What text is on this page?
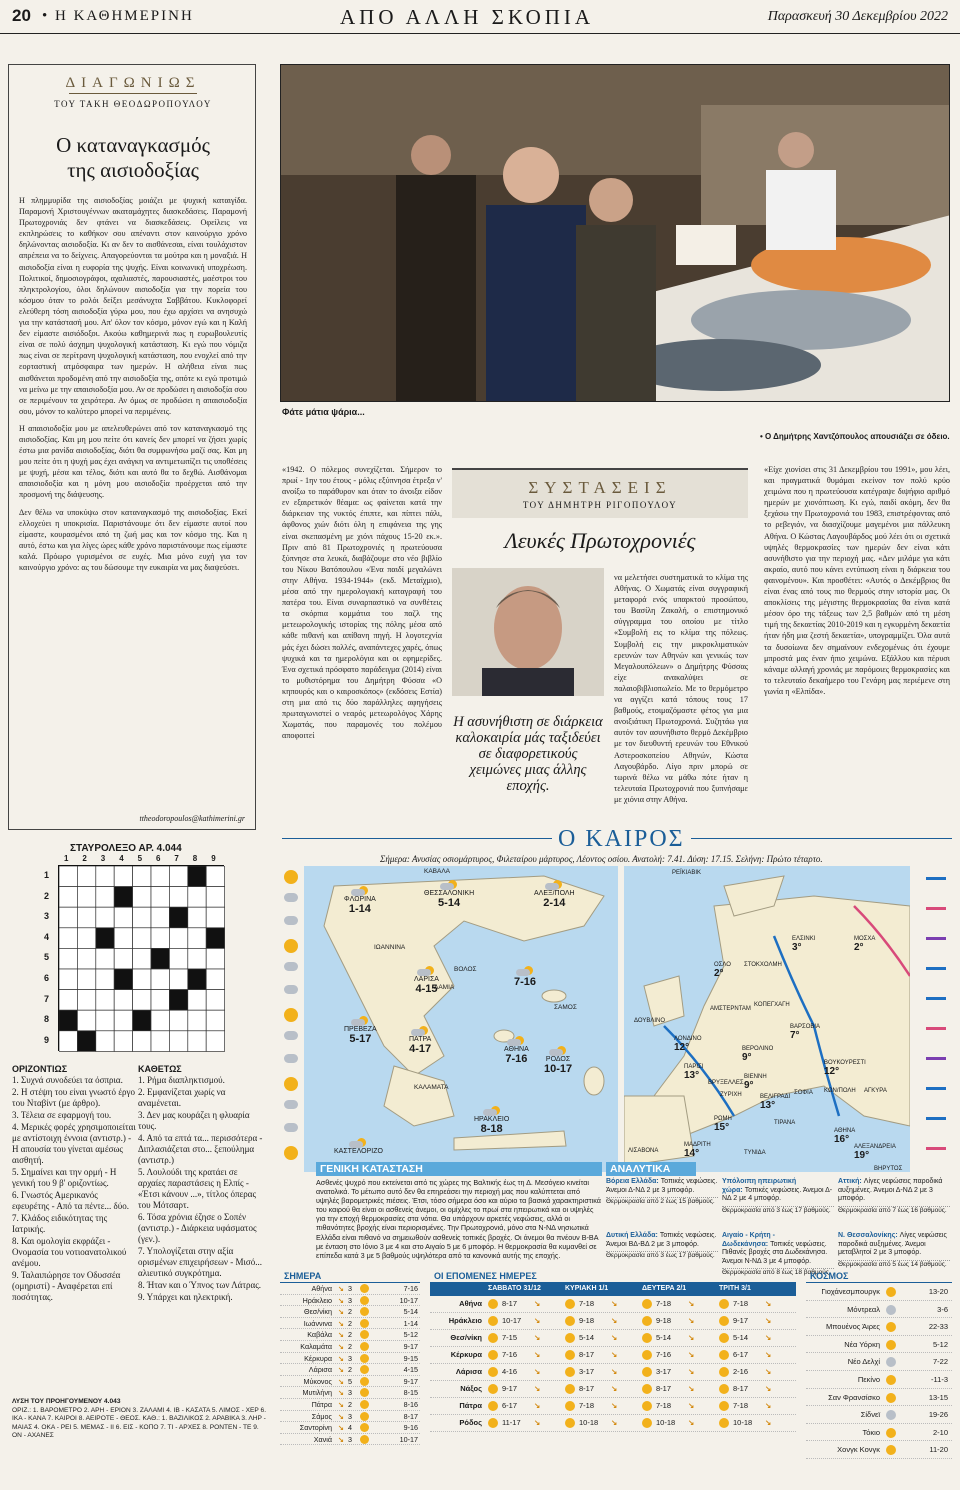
20 • Η ΚΑΘΗΜΕΡΙΝΗ	ΑΠΟ ΑΛΛΗ ΣΚΟΠΙΑ	Παρασκευή 30 Δεκεμβρίου 2022
ΔΙΑΓΩΝΙΩΣ
ΤΟΥ ΤΑΚΗ ΘΕΟΔΩΡΟΠΟΥΛΟΥ
Ο καταναγκασμός
της αισιοδοξίας

Η πλημμυρίδα της αισιοδοξίας μοιάζει με ψυχική καταιγίδα. Παραμονή Χριστουγέννων ακαταμάχητες διασκεδάσεις. Παραμονή Πρωτοχρονιάς δεν φτάνει να διασκεδάσεις. Οφείλεις να εκπληρώσεις το καθήκον σου απέναντι στον καινούργιο χρόνο δηλώνοντας αισιοδοξία. Κι αν δεν το αισθάνεσαι, είναι τουλάχιστον απρέπεια να το δείχνεις. Απαγορεύονται τα μούτρα και η μοναξιά. Η αισιοδοξία είναι η ευφορία της ψυχής. Είναι κοινωνική υποχρέωση. Πολιτικοί, δημοσιογράφοι, αχαλιαστές, παρουσιαστές, μαέστροι του πληκτρολογίου, όλοι δηλώνουν αισιοδοξία για την πορεία του κόσμου όταν το ρολόι δείξει μεσάνυχτα Σαββάτου. Κυκλοφορεί ελεύθερη τόση αισιοδοξία γύρω μου, που έχω αρχίσει να ανησυχώ για την κατάστασή μου. Απ' όλον τον κόσμο, μόνον εγώ και η Καλή δεν είμαστε αισιόδοξοι. Ακούω καθημερινά πως η ευρωβουλευτίς είναι σε πολύ άσχημη ψυχολογική κατάσταση. Κι εγώ που νόμιζα πως είναι σε περίτρανη ψυχολογική κατάσταση, που ενοχλεί από την εορταστική ατμόσφαιρα των ημερών. Η αλήθεια είναι πως αισθάνεται προδομένη από την αισιοδοξία της, οπότε κι εγώ προτιμώ να μείνω με την απαισιοδοξία μου. Αν σε προδώσει η αισιοδοξία σου σε περιμένουν τα χειρότερα. Αν όμως σε προδώσει η απαισιοδοξία σου, μόνον το καλύτερο μπορεί να περιμένεις.

Η απαισιοδοξία μου με απελευθερώνει από τον καταναγκασμό της αισιοδοξίας. Και μη μου πείτε ότι κανείς δεν μπορεί να ζήσει χωρίς έστω μια ρανίδα αισιοδοξίας, διότι θα συμφωνήσω μαζί σας. Και μη μου πείτε ότι η ψυχή μας έχει ανάγκη να αντιμετωπίζει τις υποθέσεις με ψυχή, μέσα και τέλος, διότι και αυτό θα το δεχθώ. Αισθάνομαι απαισιοδοξία και η μόνη μου αισιοδοξία προέρχεται από την προσμονή της διάψευσης.

Δεν θέλω να υποκύψω στον καταναγκασμό της αισιοδοξίας. Εκεί ελλοχεύει η υποκρισία. Παριστάνουμε ότι δεν είμαστε αυτοί που είμαστε, κουρασμένοι από τη ζωή μας και τον κόσμο της. Και η αυτό, έστω και για λίγες ώρες κάθε χρόνο παριστάνουμε πως είμαστε καλά. Πρόωρο γυρισμένοι σε ευχές. Μια μόνο ευχή για τον καινούργιο χρόνο: ας του δώσουμε την ευκαιρία να μας διαψεύσει.

ttheodoropoulos@kathimerini.gr
Φάτε μάτια ψάρια...
• Ο Δημήτρης Χαντζόπουλος απουσιάζει σε όδειο.
«1942. Ο πόλεμος συνεχίζεται. Σήμερον το πρωί - 1ην του έτους - μόλις εξύπνησα έτρεξα ν' ανοίξω το παράθυρον και όταν το άνοιξα είδον εν εξαιρετικόν θέαμα: ως φαίνεται κατά την διάρκειαν της νυκτός έπιπτε, και πίπτει πάλι, άφθονος χιών διότι όλη η επιφάνεια της γης είναι σκεπασμένη με χιόνι πάχους 15-20 εκ.». Πριν από 81 Πρωτοχρονιές η πρωτεύουσα ξύπνησε στα λευκά, διαβάζουμε στο νέο βιβλίο του Νίκου Βατόπουλου «Ένα παιδί μεγαλώνει στην Αθήνα. 1934-1944» (εκδ. Μεταίχμιο), μέσα από την ημερολογιακή καταγραφή του πατέρα του. Είναι συναρπαστικό να συνθέτεις τα σκόρπια κομμάτια του παζλ της μετεωρολογικής ιστορίας της πόλης μέσα από κάθε πιθανή και απίθανη πηγή. Η λογοτεχνία μάς έχει δώσει πολλές, αναπάντεχες χαρές, όπως ψυχικά και τα ημερολόγια και οι εφημερίδες. Ένα σχετικά πρόσφατο παράδειγμα (2014) είναι το μυθιστόρημα του Δημήτρη Φύσσα «Ο κηπουρός και ο καιροσκόπος» (εκδόσεις Εστία) στη μια από τις δύο παράλληλες αφηγήσεις πρωταγωνιστεί ο νεαρός μετεωρολόγος Χάρης Χωματάς, που παραμονές του πολέμου αποφοιτεί
ΣΥΣΤΑΣΕΙΣ
ΤΟΥ ΔΗΜΗΤΡΗ ΡΙΓΟΠΟΥΛΟΥ
Λευκές Πρωτοχρονιές
Η ασυνήθιστη σε διάρκεια καλοκαιρία μάς ταξιδεύει σε διαφορετικούς χειμώνες μιας άλλης εποχής.
να μελετήσει συστηματικά το κλίμα της Αθήνας. Ο Χωματάς είναι συγγραφική μεταφορά ενός υπαρκτού προσώπου, του Βασίλη Ζακαλή, ο επιστημονικό σύγγραμμα του οποίου με τίτλο «Συμβολή εις το κλίμα της πόλεως. Συμβολή εις την μικροκλιματικών ερευνών των Αθηνών και γενικώς των Μεγαλουπόλεων» ο Δημήτρης Φύσσας είχε ανακαλύψει σε παλαιοβιβλιοπωλείο. Με το θερμόμετρο να αγγίζει κατά τόπους τους 17 βαθμούς, ετοιμαζόμαστε φέτος για μια ανοιξιάτικη Πρωτοχρονιά. Συζητάω για αυτόν τον ασυνήθιστο θερμό Δεκέμβριο με τον διευθυντή ερευνών του Εθνικού Αστεροσκοπείου Αθηνών, Κώστα Λαγουβάρδο. Λίγο πριν μπορώ σε τωρινά θέλω να μάθω πότε ήταν η τελευταία Πρωτοχρονιά που ξυπνήσαμε με χιόνια στην Αθήνα.
«Είχε χιονίσει στις 31 Δεκεμβρίου του 1991», μου λέει, και πραγματικά θυμάμαι εκείνον τον πολύ κρύο χειμώνα που η πρωτεύουσα κατέγραψε διψήφιο αριθμό ημερών με χιονόπτωση. Κι εγώ, παιδί ακόμη, δεν θα ξεχάσω την Πρωτοχρονιά του 1983, επιστρέφοντας από το ρεβεγιόν, να διασχίζουμε μαγεμένοι μια πάλλευκη Αθήνα. Ο Κώστας Λαγουβάρδος μού λέει ότι οι σχετικά υψηλές θερμοκρασίες των ημερών δεν είναι κάτι ασυνήθιστο για την περιοχή μας. «Δεν μιλάμε για κάτι ακραίο, αυτό που κάνει εντύπωση είναι η διάρκεια του φαινομένου». Και προσθέτει: «Αυτός ο Δεκέμβριος θα είναι ένας από τους πιο θερμούς στην ιστορία μας. Οι αποκλίσεις της μέγιστης θερμοκρασίας θα είναι κατά μέσον όρο της τάξεως των 2,5 βαθμών από τη μέση τιμή της δεκαετίας 2010-2019 και η εγκυρμένη δεκαετία ήταν ήδη μια ζεστή δεκαετία», υπογραμμίζει. Όλα αυτά τα δυσοίωνα δεν σημαίνουν ενδεχομένως ότι έχουμε μπροστά μας έναν ήπιο χειμώνα. Εξάλλου και πέρυσι κάναμε αλλαγή χρονιάς με παρόμοιες θερμοκρασίες και το τελευταίο δεκαήμερο του Γενάρη μας περιέμενε στη γωνία η «Ελπίδα».
ΣΤΑΥΡΟΛΕΞΟ ΑΡ. 4.044
1 2 3 4 5 6 7 8 9
1
2
3
4
5
6
7
8
9
ΟΡΙΖΟΝΤΙΩΣ
1. Συχνά συνοδεύει τα όσπρια.
2. Η στέψη του είναι γνωστό έργο του Νταβίντ (με άρθρο).
3. Τέλεια σε εφαρμογή του.
4. Μερικές φορές χρησιμοποιείται με αντίστοιχη έννοια (αντιστρ.) - Η απουσία του γίνεται αμέσως αισθητή.
5. Σημαίνει και την ορμή - Η γενική του 9 β' οριζοντίως.
6. Γνωστός Αμερικανός εφευρέτης - Από τα πέντε... δύο.
7. Κλάδος ειδικότητας της Ιατρικής.
8. Και ομολογία εκφράζει - Ονομασία του νοτιοανατολικού ανέμου.
9. Ταλαιπώρησε τον Οδυσσέα (ομηριστί) - Αναφέρεται επί ποσότητας.
ΚΑΘΕΤΩΣ
1. Ρήμα διαπληκτισμού.
2. Εμφανίζεται χωρίς να αναμένεται.
3. Δεν μας κουράζει η φλυαρία τους.
4. Από τα επτά τα... περισσότερα - Διπλασιάζεται στο... ξεπούλημα (αντιστρ.)
5. Λουλούδι της κρατάει σε αρχαίες παραστάσεις η Ελπίς - «Έτσι κάνουν ...», τίτλος όπερας του Μότσαρτ.
6. Τόσα χρόνια έζησε ο Σοπέν (αντιστρ.) - Διάρκεια υφάσματος (γεν.).
7. Υπολογίζεται στην αξία ορισμένων επιχειρήσεων - Μισό... αλιευτικό συγκρότημα.
8. Ήταν και ο Ύπνος των Λάτρας.
9. Υπάρχει και ηλεκτρική.
ΛΥΣΗ ΤΟΥ ΠΡΟΗΓΟΥΜΕΝΟΥ 4.043
ΟΡΙΖ.: 1. ΒΑΡΟΜΕΤΡΟ 2. ΑΡΗ - ΕΡΙΟΝ 3. ΖΑΛΑΜΙ 4. ΙΒ - ΚΑΣΑΤΑ 5. ΛΙΜΟΣ - ΧΕΡ 6. ΙΚΑ - ΚΑΝΑ 7. ΚΑΙΡΟΙ 8. ΑΕΙΡΟΤΕ - ΘΕΟΣ. ΚΑΘ.: 1. ΒΑΖΙΛΙΚΟΣ 2. ΑΡΑΒΙΚΑ 3. ΛΗΡ - ΜΑΙΑΣ 4. ΟΚΑ - ΡΕΙ 5. ΜΕΜΑΣ - ΙΙ 6. ΕΙΣ - ΚΟΠΟ 7. ΤΙ - ΑΡΧΕΣ 8. ΡΟΝΤΕΝ - ΤΕ 9. ΟΝ - ΑΧΑΝΕΣ
Ο ΚΑΙΡΟΣ
Σήμερα: Ανυσίας οσιομάρτυρος, Φιλεταίρου μάρτυρος, Λέοντος οσίου. Ανατολή: 7.41. Δύση: 17.15. Σελήνη: Πρώτο τέταρτο.
ΦΛΩΡΙΝΑ
1-14
ΘΕΣΣΑΛΟΝΙΚΗ
5-14
ΑΛΕΞ/ΠΟΛΗ
2-14
ΛΑΡΙΣΑ
4-15
ΠΡΕΒΕΖΑ
5-17	ΠΑΤΡΑ
4-17	ΑΘΗΝΑ
7-16
ΗΡΑΚΛΕΙΟ
8-18
ΡΟΔΟΣ
10-17
7-16
ΚΑΣΤΕΛΟΡΙΖΟ
ΚΑΒΑΛΑ
ΙΩΑΝΝΙΝΑ
ΒΟΛΟΣ
ΛΑΜΙΑ
ΚΑΛΑΜΑΤΑ
ΣΑΜΟΣ
ΡΕΪΚΙΑΒΙΚ
ΕΛΣΙΝΚΙ
3°
ΜΟΣΧΑ
2°
ΟΣΛΟ
2°
ΣΤΟΚΧΟΛΜΗ
ΔΟΥΒΛΙΝΟ
ΑΜΣΤΕΡΝΤΑΜ
ΚΟΠΕΓΧΑΓΗ
ΛΟΝΔΙΝΟ
12°	ΒΕΡΟΛΙΝΟ
9°
ΒΑΡΣΟΒΙΑ
7°
ΠΑΡΙΣΙ
13°
ΒΡΥΞΕΛΛΕΣ
ΖΥΡΙΧΗ
ΒΙΕΝΝΗ
9°
ΒΟΥΚΟΥΡΕΣΤΙ
12°
ΒΕΛΙΓΡΑΔΙ
13°
ΣΟΦΙΑ
ΡΩΜΗ
15°	ΤΙΡΑΝΑ
ΚΩΝ/ΠΟΛΗ ΑΓΚΥΡΑ
ΜΑΔΡΙΤΗ
14°
ΛΙΣΑΒΟΝΑ
ΑΘΗΝΑ
16°
ΤΥΝΙΔΑ
ΑΛΕΞΑΝΔΡΕΙΑ
19°
ΒΗΡΥΤΟΣ
ΓΕΝΙΚΗ ΚΑΤΑΣΤΑΣΗ
Ασθενές ψυχρό που εκτείνεται από τις χώρες της Βαλτικής έως τη Δ. Μεσόγειο κινείται ανατολικά. Το μέτωπο αυτό δεν θα επηρεάσει την περιοχή μας που καλύπτεται από υψηλές βαρομετρικές πιέσεις. Έτσι, τόσο σήμερα όσο και αύριο τα βασικά χαρακτηριστικά του καιρού θα είναι οι ασθενείς άνεμοι, οι ομίχλες το πρωί στα ηπειρωτικά και οι υψηλές για την εποχή θερμοκρασίες στα νότια. Θα υπάρχουν αρκετές νεφώσεις, αλλά οι πιθανότητες βροχής είναι περιορισμένες. Την Πρωτοχρονιά, μόνο στα Ν-ΝΔ νησιωτικά Ελλάδα είναι πιθανό να σημειωθούν ασθενείς τοπικές βροχές. Οι άνεμοι θα πνέουν Β-ΒΑ με ένταση στο Ιόνιο 3 με 4 και στο Αιγαίο 5 με 6 μποφόρ. Η θερμοκρασία θα κυμανθεί σε επίπεδα κατά 3 με 5 βαθμούς υψηλότερα από τα κανονικά αυτής της εποχής.
ΑΝΑΛΥΤΙΚΑ
Βόρεια Ελλάδα: Τοπικές νεφώσεις. Άνεμοι Δ-ΝΔ 2 με 3 μποφόρ.
Θερμοκρασία από 2 έως 15 βαθμούς.
Υπόλοιπη ηπειρωτική χώρα: Τοπικές νεφώσεις. Άνεμοι Δ-ΝΔ 2 με 4 μποφόρ.
Θερμοκρασία από 3 έως 17 βαθμούς.
Αττική: Λίγες νεφώσεις παροδικά αυξημένες. Άνεμοι Δ-ΝΔ 2 με 3 μποφόρ.
Θερμοκρασία από 7 έως 16 βαθμούς.
Δυτική Ελλάδα: Τοπικές νεφώσεις. Άνεμοι ΒΔ-ΒΔ 2 με 3 μποφόρ.
Θερμοκρασία από 3 έως 17 βαθμούς.
Αιγαίο - Κρήτη - Δωδεκάνησα: Τοπικές νεφώσεις. Πιθανές βροχές στα Δωδεκάνησα. Άνεμοι Ν-ΝΔ 3 με 4 μποφόρ.
Θερμοκρασία από 8 έως 18 βαθμούς.
Ν. Θεσσαλονίκης: Λίγες νεφώσεις παροδικά αυξημένες. Άνεμοι μεταβλητοί 2 με 3 μποφόρ.
Θερμοκρασία από 5 έως 14 βαθμούς.
ΣΗΜΕΡΑ
Αθήνα ↘ 3	7-16
Ηράκλειο ↘ 3	10-17
Θεσ/νίκη ↘ 2	5-14
Ιωάννινα ↘ 2	1-14
Καβάλα ↘ 2	5-12
Καλαμάτα ↘ 2	9-17
Κέρκυρα ↘ 3	9-15
Λάρισα ↘ 2	4-15
Μύκονος ↘ 5	9-17
Μυτιλήνη ↘ 3	8-15
Πάτρα ↘ 2	8-16
Σάμος ↘ 3	8-17
Σαντορίνη ↘ 4	9-16
Χανιά ↘ 3	10-17
ΟΙ ΕΠΟΜΕΝΕΣ ΗΜΕΡΕΣ
ΣΑΒΒΑΤΟ 31/12	ΚΥΡΙΑΚΗ 1/1	ΔΕΥΤΕΡΑ 2/1	ΤΡΙΤΗ 3/1
Αθήνα	8-17 ↘	7-18 ↘	7-18 ↘	7-18 ↘
Ηράκλειο	10-17 ↘	9-18 ↘	9-18 ↘	9-17 ↘
Θεσ/νίκη	7-15 ↘	5-14 ↘	5-14 ↘	5-14 ↘
Κέρκυρα	7-16 ↘	8-17 ↘	7-16 ↘	6-17 ↘
Λάρισα	4-16 ↘	3-17 ↘	3-17 ↘	2-16 ↘
Νάξος	9-17 ↘	8-17 ↘	8-17 ↘	8-17 ↘
Πάτρα	6-17 ↘	7-18 ↘	7-18 ↘	7-18 ↘
Ρόδος	11-17 ↘	10-18 ↘	10-18 ↘	10-18 ↘
ΚΟΣΜΟΣ
Γιοχάνεσμπουργκ	13-20
Μόντρεαλ	3-6
Μπουένος Άιρες	22-33
Νέα Υόρκη	5-12
Νέο Δελχί	7-22
Πεκίνο	-11-3
Σαν Φρανσίσκο	13-15
Σίδνεϊ	19-26
Τόκιο	2-10
Χονγκ Κονγκ	11-20
